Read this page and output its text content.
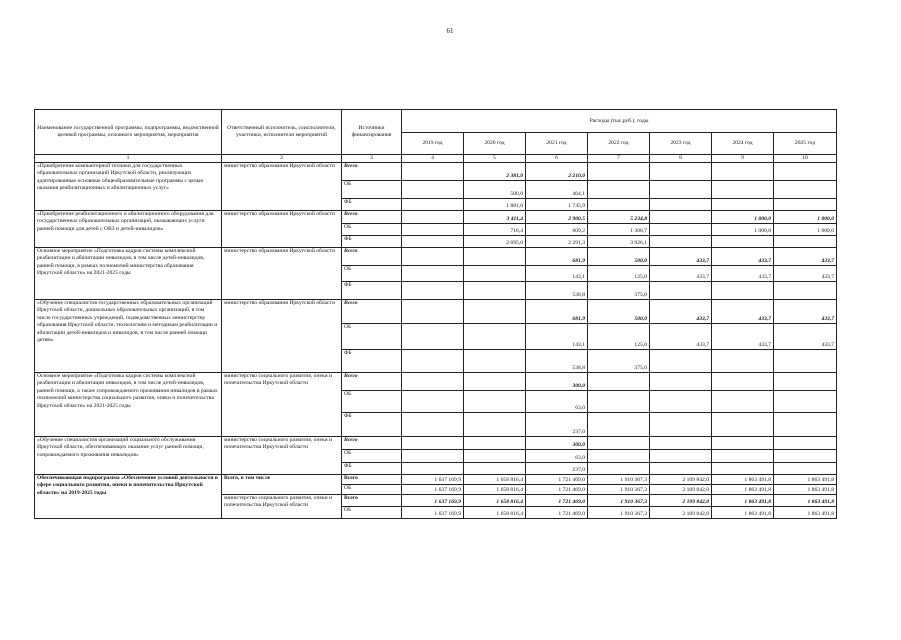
61
Наименование государственной программы, подпрограммы, ведомственной целевой программы, основного мероприятия, мероприятия	Ответственный исполнитель, соисполнители, участники, исполнители мероприятий	Источники финансирования	Расходы (тыс.руб.), годы						
			2019 год	2020 год	2021 год	2022 год	2023 год	2024 год	2025 год
1	2	3	4	5	6	7	8	9	10
«Приобретение компьютерной техники для государственных образовательных организаций Иркутской области, реализующих адаптированные основные общеобразовательные программы с целью оказания реабилитационных и абилитационных услуг»	министерство образования Иркутской области	Всего		2 381,0	2 210,0				
		ОБ		500,0	464,1				
		ФБ		1 881,0	1 745,9				
«Приобретение реабилитационного и абилитационного оборудования для государственных образовательных организаций, оказывающих услуги ранней помощи для детей с ОВЗ и детей-инвалидов»	министерство образования Иркутской области	Всего		3 411,4	2 900,5	5 234,8		1 000,0	1 000,0
		ОБ		716,4	609,2	1 308,7		1 000,0	1 000,0
		ФБ		2 695,0	2 291,3	3 926,1			
Основное мероприятие «Подготовка кадров системы комплексной реабилитации и абилитации инвалидов, в том числе детей-инвалидов, ранней помощи, в рамках полномочий министерства образования Иркутской области» на 2021-2025 годы	министерство образования Иркутской области	Всего			681,9	500,0	433,7	433,7	433,7
		ОБ			143,1	125,0	433,7	433,7	433,7
		ФБ			538,8	375,0			
«Обучение специалистов государственных образовательных организаций Иркутской области, дошкольных образовательных организаций, в том числе государственных учреждений, подведомственных министерству образования Иркутской области, технологиям и методикам реабилитации и абилитации детей-инвалидов и инвалидов, в том числе ранней помощи детям»	министерство образования Иркутской области	Всего			681,9	500,0	433,7	433,7	433,7
		ОБ			143,1	125,0	433,7	433,7	433,7
		ФБ			538,8	375,0			
Основное мероприятие «Подготовка кадров системы комплексной реабилитации и абилитации инвалидов, в том числе детей-инвалидов, ранней помощи, а также сопровождаемого проживания инвалидов в рамках полномочий министерства социального развития, опеки и попечительства Иркутской области» на 2021-2025 годы	министерство социального развития, опеки и попечительства Иркутской области	Всего			300,0				
		ОБ			63,0				
		ФБ			237,0				
«Обучение специалистов организаций социального обслуживания Иркутской области, обеспечивающих оказание услуг ранней помощи, сопровождаемого проживания инвалидов»	министерство социального развития, опеки и попечительства Иркутской области	Всего			300,0				
		ОБ			63,0				
		ФБ			237,0				
Обеспечивающая подпрограмма «Обеспечение условий деятельности в сфере социального развития, опеки и попечительства Иркутской области» на 2019-2025 годы	Всего, в том числе	Всего	1 637 169,9	1 658 816,4	1 721 469,0	1 910 367,3	2 109 842,0	1 863 491,8	1 863 491,8
		ОБ	1 637 169,9	1 658 816,4	1 721 469,0	1 910 367,3	2 109 842,0	1 863 491,8	1 863 491,8
	министерство социального развития, опеки и попечительства Иркутской области	Всего	1 637 169,9	1 658 816,4	1 721 469,0	1 910 367,3	2 109 842,0	1 863 491,8	1 863 491,8
		ОБ	1 637 169,9	1 658 816,4	1 721 469,0	1 910 367,3	2 109 842,0	1 863 491,8	1 863 491,8
